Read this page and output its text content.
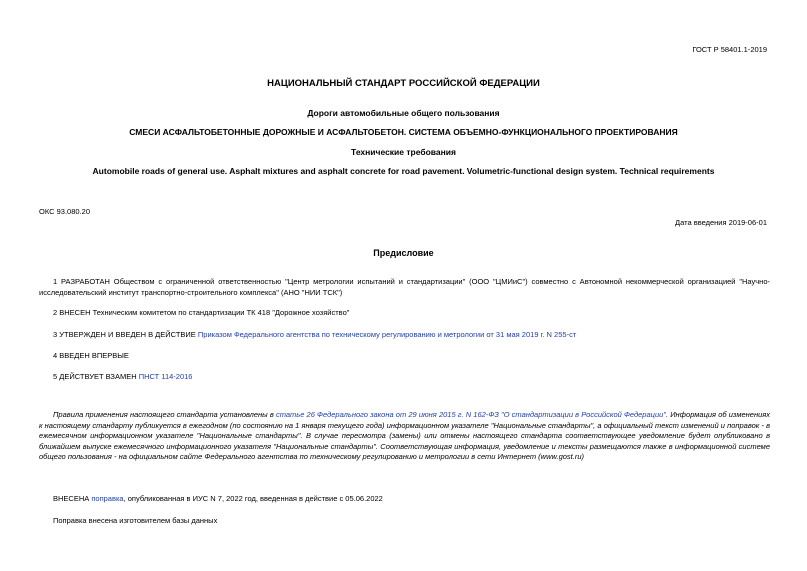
ГОСТ Р 58401.1-2019
НАЦИОНАЛЬНЫЙ СТАНДАРТ РОССИЙСКОЙ ФЕДЕРАЦИИ
Дороги автомобильные общего пользования
СМЕСИ АСФАЛЬТОБЕТОННЫЕ ДОРОЖНЫЕ И АСФАЛЬТОБЕТОН. СИСТЕМА ОБЪЕМНО-ФУНКЦИОНАЛЬНОГО ПРОЕКТИРОВАНИЯ
Технические требования
Automobile roads of general use. Asphalt mixtures and asphalt concrete for road pavement. Volumetric-functional design system. Technical requirements
ОКС 93.080.20
Дата введения 2019-06-01
Предисловие
1 РАЗРАБОТАН Обществом с ограниченной ответственностью "Центр метрологии испытаний и стандартизации" (ООО "ЦМИиС") совместно с Автономной некоммерческой организацией "Научно-исследовательский институт транспортно-строительного комплекса" (АНО "НИИ ТСК")
2 ВНЕСЕН Техническим комитетом по стандартизации ТК 418 "Дорожное хозяйство"
3 УТВЕРЖДЕН И ВВЕДЕН В ДЕЙСТВИЕ Приказом Федерального агентства по техническому регулированию и метрологии от 31 мая 2019 г. N 255-ст
4 ВВЕДЕН ВПЕРВЫЕ
5 ДЕЙСТВУЕТ ВЗАМЕН ПНСТ 114-2016
Правила применения настоящего стандарта установлены в статье 26 Федерального закона от 29 июня 2015 г. N 162-ФЗ "О стандартизации в Российской Федерации". Информация об изменениях к настоящему стандарту публикуется в ежегодном (по состоянию на 1 января текущего года) информационном указателе "Национальные стандарты", а официальный текст изменений и поправок - в ежемесячном информационном указателе "Национальные стандарты". В случае пересмотра (замены) или отмены настоящего стандарта соответствующее уведомление будет опубликовано в ближайшем выпуске ежемесячного информационного указателя "Национальные стандарты". Соответствующая информация, уведомление и тексты размещаются также в информационной системе общего пользования - на официальном сайте Федерального агентства по техническому регулированию и метрологии в сети Интернет (www.gost.ru)
ВНЕСЕНА поправка, опубликованная в ИУС N 7, 2022 год, введенная в действие с 05.06.2022
Поправка внесена изготовителем базы данных
